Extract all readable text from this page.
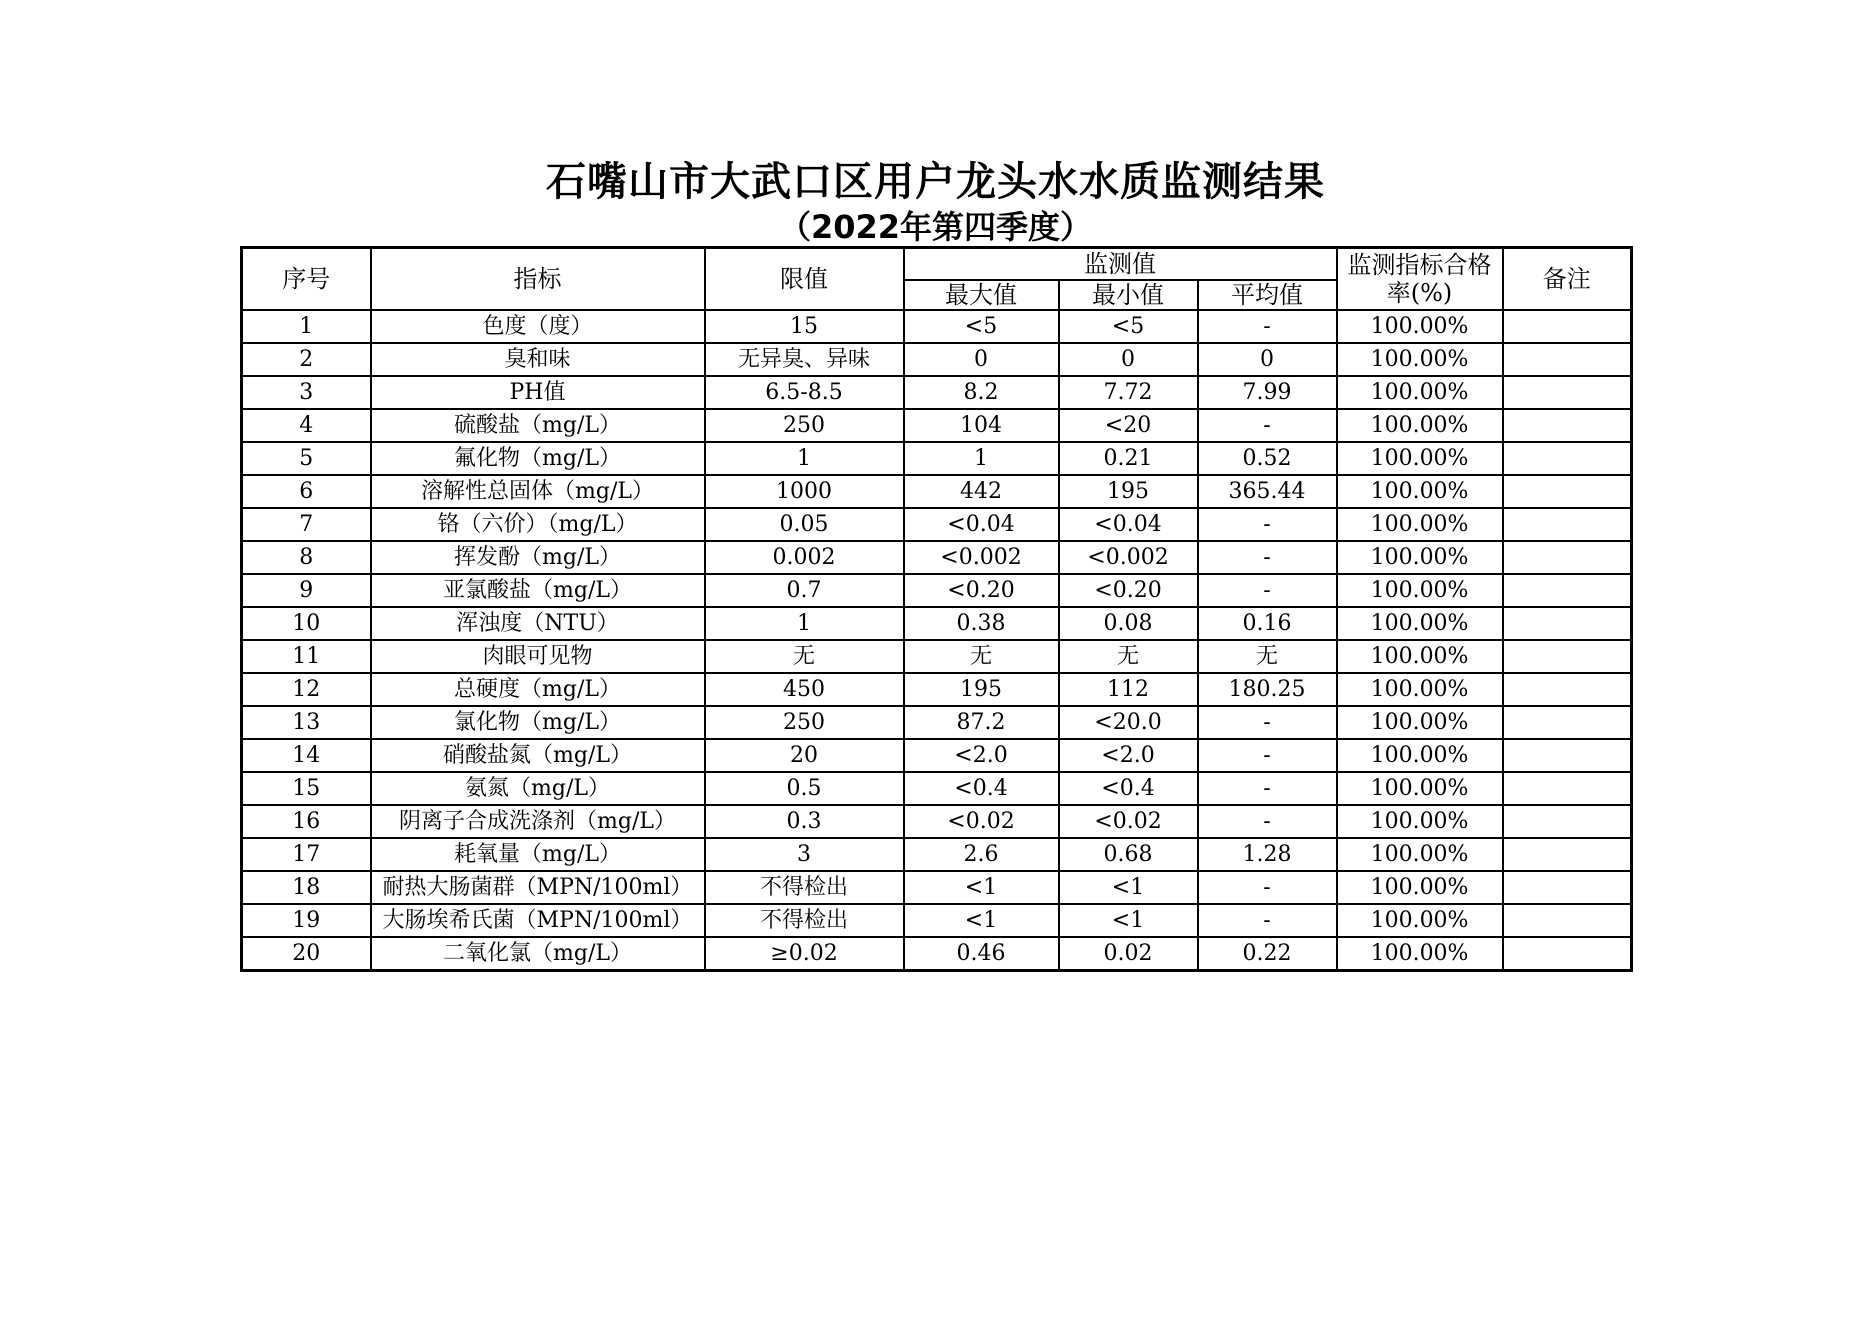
石嘴山市大武口区用户龙头水水质监测结果
（2022年第四季度）
序号	指标	限值	监测值			监测指标合格率(%)	备注
			最大值	最小值	平均值		
1	色度（度）	15	<5	<5	-	100.00%	
2	臭和味	无异臭、异味	0	0	0	100.00%	
3	PH值	6.5-8.5	8.2	7.72	7.99	100.00%	
4	硫酸盐（mg/L）	250	104	<20	-	100.00%	
5	氟化物（mg/L）	1	1	0.21	0.52	100.00%	
6	溶解性总固体（mg/L）	1000	442	195	365.44	100.00%	
7	铬（六价）（mg/L）	0.05	<0.04	<0.04	-	100.00%	
8	挥发酚（mg/L）	0.002	<0.002	<0.002	-	100.00%	
9	亚氯酸盐（mg/L）	0.7	<0.20	<0.20	-	100.00%	
10	浑浊度（NTU）	1	0.38	0.08	0.16	100.00%	
11	肉眼可见物	无	无	无	无	100.00%	
12	总硬度（mg/L）	450	195	112	180.25	100.00%	
13	氯化物（mg/L）	250	87.2	<20.0	-	100.00%	
14	硝酸盐氮（mg/L）	20	<2.0	<2.0	-	100.00%	
15	氨氮（mg/L）	0.5	<0.4	<0.4	-	100.00%	
16	阴离子合成洗涤剂（mg/L）	0.3	<0.02	<0.02	-	100.00%	
17	耗氧量（mg/L）	3	2.6	0.68	1.28	100.00%	
18	耐热大肠菌群（MPN/100ml）	不得检出	<1	<1	-	100.00%	
19	大肠埃希氏菌（MPN/100ml）	不得检出	<1	<1	-	100.00%	
20	二氧化氯（mg/L）	≥0.02	0.46	0.02	0.22	100.00%	
